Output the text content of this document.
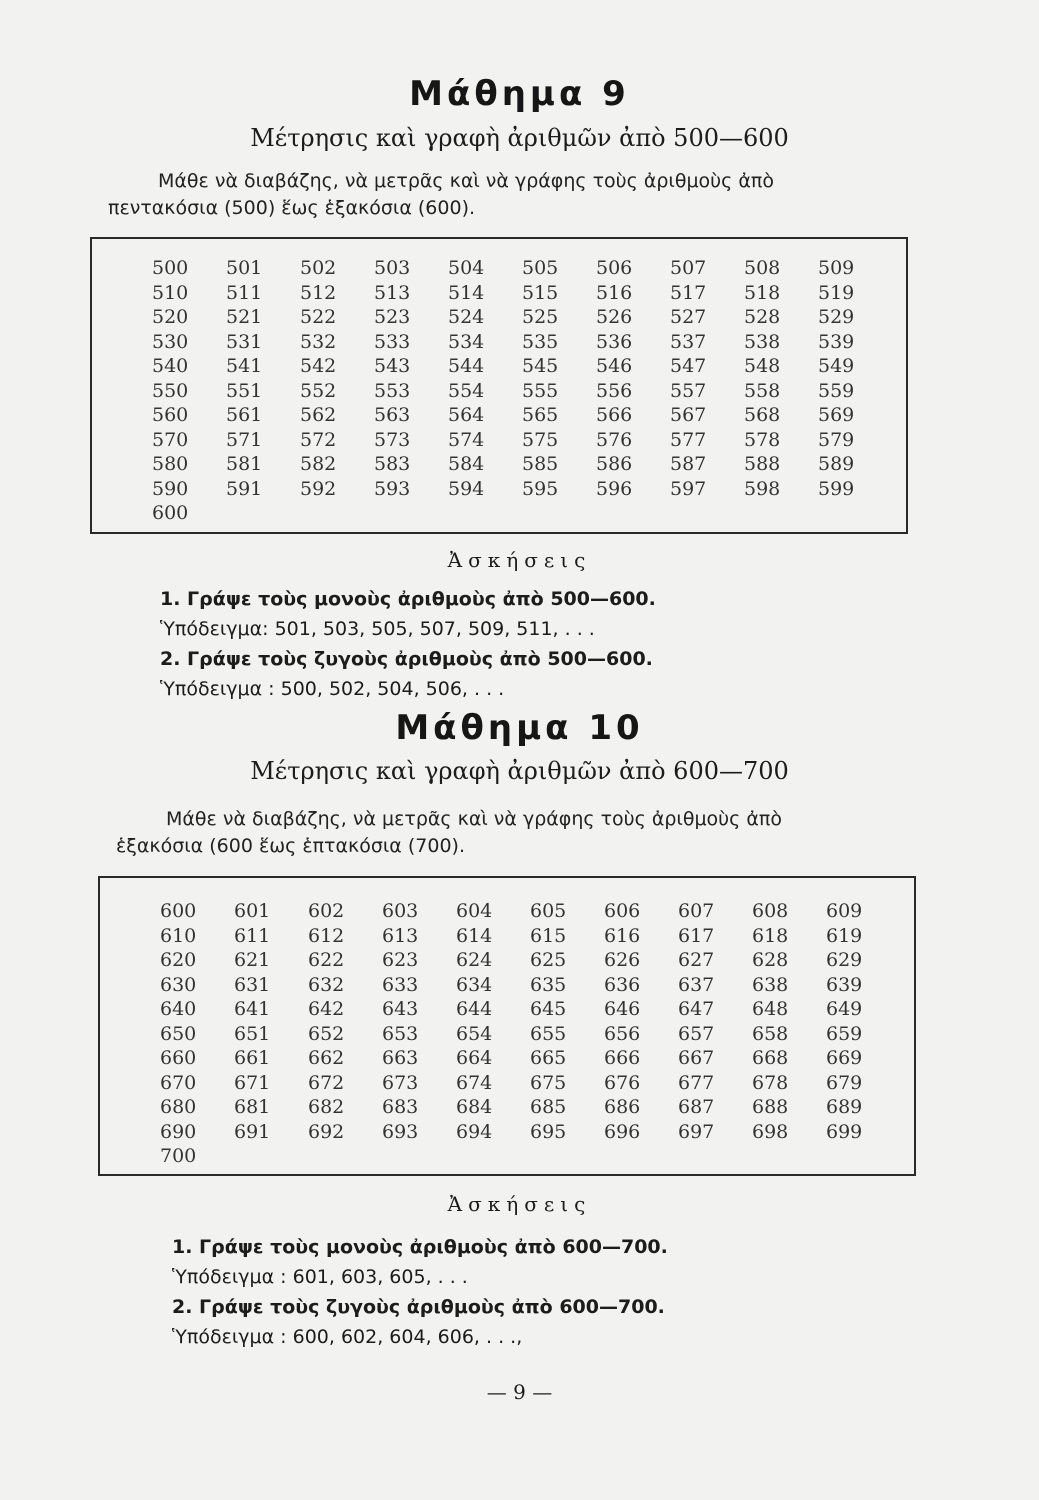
Μάθημα 9
Μέτρησις καὶ γραφὴ ἀριθμῶν ἀπὸ 500—600
Μάθε νὰ διαβάζης, νὰ μετρᾶς καὶ νὰ γράφης τοὺς ἀριθμοὺς ἀπὸ
πεντακόσια (500) ἕως ἑξακόσια (600).
500	501	502	503	504	505	506	507	508	509
510	511	512	513	514	515	516	517	518	519
520	521	522	523	524	525	526	527	528	529
530	531	532	533	534	535	536	537	538	539
540	541	542	543	544	545	546	547	548	549
550	551	552	553	554	555	556	557	558	559
560	561	562	563	564	565	566	567	568	569
570	571	572	573	574	575	576	577	578	579
580	581	582	583	584	585	586	587	588	589
590	591	592	593	594	595	596	597	598	599
600
Ἀσκήσεις
1. Γράψε τοὺς μονοὺς ἀριθμοὺς ἀπὸ 500—600.
Ὑπόδειγμα: 501, 503, 505, 507, 509, 511, . . .
2. Γράψε τοὺς ζυγοὺς ἀριθμοὺς ἀπὸ 500—600.
Ὑπόδειγμα : 500, 502, 504, 506, . . .
Μάθημα 10
Μέτρησις καὶ γραφὴ ἀριθμῶν ἀπὸ 600—700
Μάθε νὰ διαβάζης, νὰ μετρᾶς καὶ νὰ γράφης τοὺς ἀριθμοὺς ἀπὸ
ἑξακόσια (600 ἕως ἑπτακόσια (700).
600	601	602	603	604	605	606	607	608	609
610	611	612	613	614	615	616	617	618	619
620	621	622	623	624	625	626	627	628	629
630	631	632	633	634	635	636	637	638	639
640	641	642	643	644	645	646	647	648	649
650	651	652	653	654	655	656	657	658	659
660	661	662	663	664	665	666	667	668	669
670	671	672	673	674	675	676	677	678	679
680	681	682	683	684	685	686	687	688	689
690	691	692	693	694	695	696	697	698	699
700
Ἀσκήσεις
1. Γράψε τοὺς μονοὺς ἀριθμοὺς ἀπὸ 600—700.
Ὑπόδειγμα : 601, 603, 605, . . .
2. Γράψε τοὺς ζυγοὺς ἀριθμοὺς ἀπὸ 600—700.
Ὑπόδειγμα : 600, 602, 604, 606, . . .,
— 9 —
